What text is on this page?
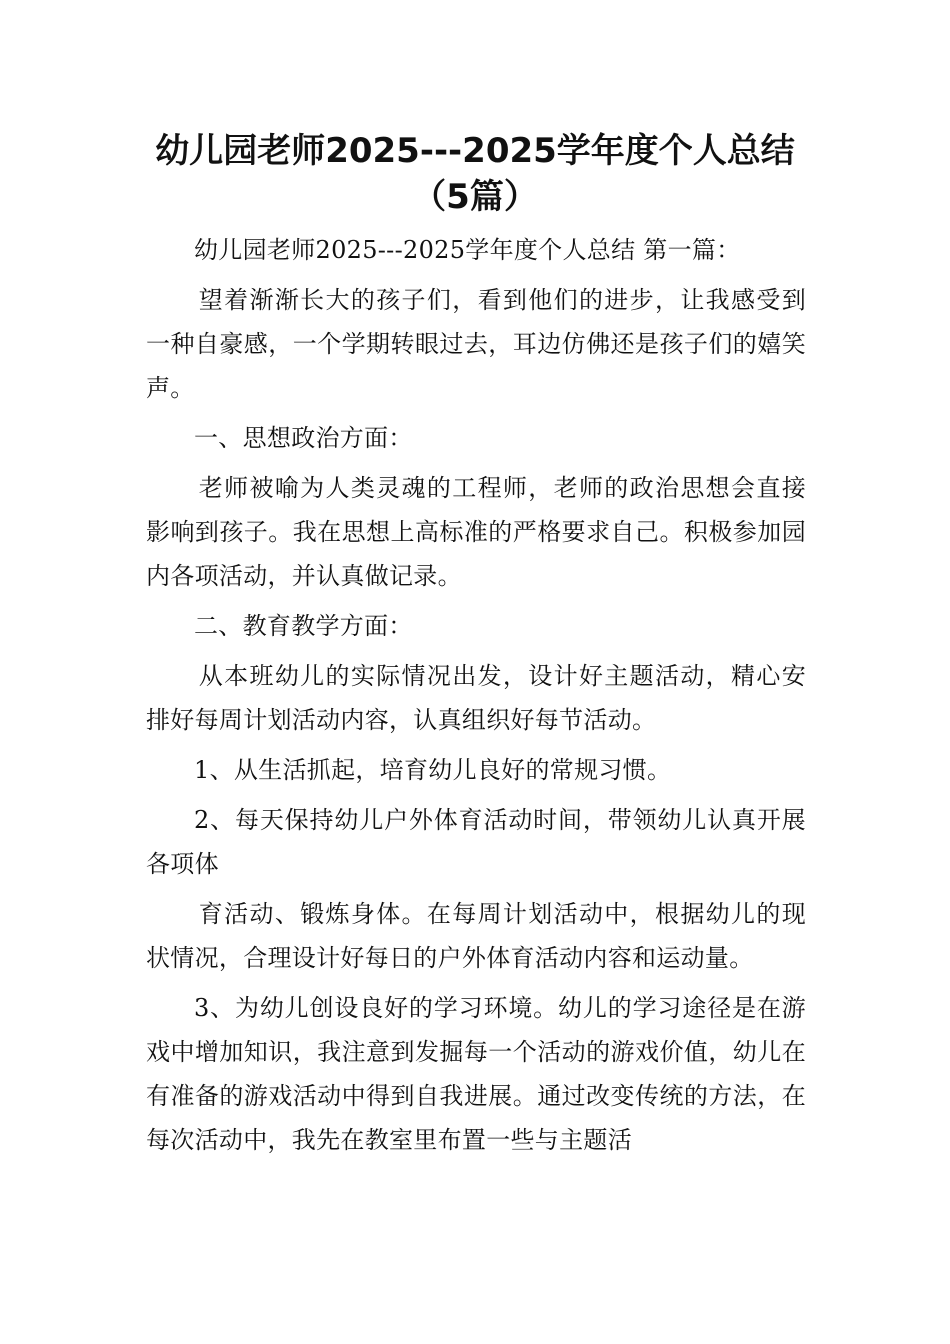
幼儿园老师2025---2025学年度个人总结
（5篇）

幼儿园老师2025---2025学年度个人总结 第一篇：

望着渐渐长大的孩子们，看到他们的进步，让我感受到一种自豪感，一个学期转眼过去，耳边仿佛还是孩子们的嬉笑声。

一、思想政治方面：

老师被喻为人类灵魂的工程师，老师的政治思想会直接影响到孩子。我在思想上高标准的严格要求自己。积极参加园内各项活动，并认真做记录。

二、教育教学方面：

从本班幼儿的实际情况出发，设计好主题活动，精心安排好每周计划活动内容，认真组织好每节活动。

1、从生活抓起，培育幼儿良好的常规习惯。

2、每天保持幼儿户外体育活动时间，带领幼儿认真开展各项体

育活动、锻炼身体。在每周计划活动中，根据幼儿的现状情况，合理设计好每日的户外体育活动内容和运动量。

3、为幼儿创设良好的学习环境。幼儿的学习途径是在游戏中增加知识，我注意到发掘每一个活动的游戏价值，幼儿在有准备的游戏活动中得到自我进展。通过改变传统的方法，在每次活动中，我先在教室里布置一些与主题活
